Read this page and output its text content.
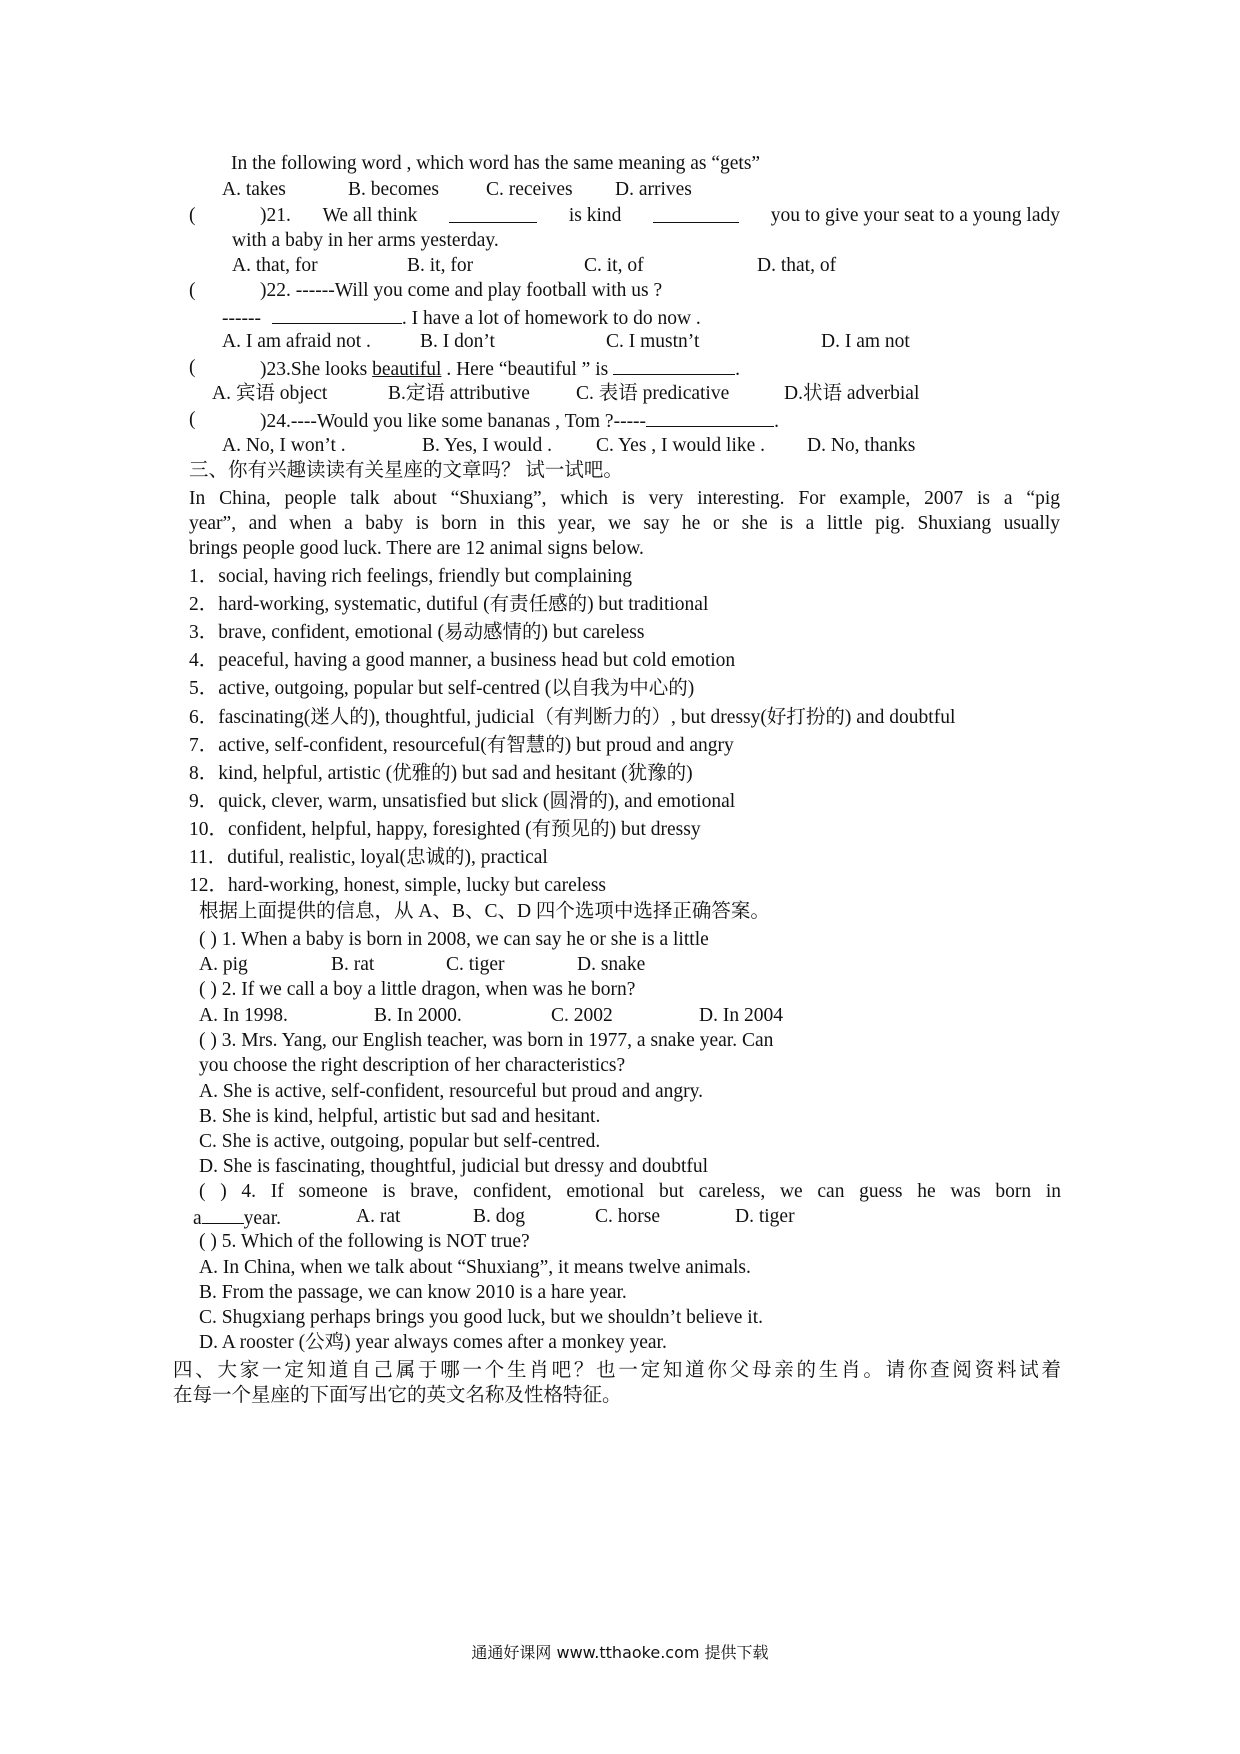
In the following word , which word has the same meaning as “gets”
A. takes	B. becomes C. receives D. arrives
(	)21. We all think	is kind	you to give your seat to a young lady
with a baby in her arms yesterday.
A. that, for	B. it, for	C. it, of	D. that, of
(	)22. ------Will you come and play football with us ?
------	. I have a lot of homework to do now .
A. I am afraid not .	B. I don’t	C. I mustn’t	D. I am not
(	)23.She looks beautiful . Here “beautiful ” is	.
A. 宾语 object	B.定语 attributive C. 表语 predicative	D.状语 adverbial
(	)24.----Would you like some bananas , Tom ?-----	.
A. No, I won’t .	B. Yes, I would . C. Yes , I would like . D. No, thanks
三、你有兴趣读读有关星座的文章吗？ 试一试吧。
In China, people talk about “Shuxiang”, which is very interesting. For example, 2007 is a “pig
year”, and when a baby is born in this year, we say he or she is a little pig. Shuxiang usually
brings people good luck. There are 12 animal signs below.
1．social, having rich feelings, friendly but complaining
2．hard-working, systematic, dutiful (有责任感的) but traditional
3．brave, confident, emotional (易动感情的) but careless
4．peaceful, having a good manner, a business head but cold emotion
5．active, outgoing, popular but self-centred (以自我为中心的)
6．fascinating(迷人的), thoughtful, judicial（有判断力的）, but dressy(好打扮的) and doubtful
7．active, self-confident, resourceful(有智慧的) but proud and angry
8．kind, helpful, artistic (优雅的) but sad and hesitant (犹豫的)
9．quick, clever, warm, unsatisfied but slick (圆滑的), and emotional
10．confident, helpful, happy, foresighted (有预见的) but dressy
11．dutiful, realistic, loyal(忠诚的), practical
12．hard-working, honest, simple, lucky but careless
根据上面提供的信息，从 A、B、C、D 四个选项中选择正确答案。
( ) 1. When a baby is born in 2008, we can say he or she is a little
A. pig	B. rat	C. tiger	D. snake
( ) 2. If we call a boy a little dragon, when was he born?
A. In 1998.	B. In 2000.	C. 2002	D. In 2004
( ) 3. Mrs. Yang, our English teacher, was born in 1977, a snake year. Can
you choose the right description of her characteristics?
A. She is active, self-confident, resourceful but proud and angry.
B. She is kind, helpful, artistic but sad and hesitant.
C. She is active, outgoing, popular but self-centred.
D. She is fascinating, thoughtful, judicial but dressy and doubtful
( ) 4. If someone is brave, confident, emotional but careless, we can guess he was born in
a year.	A. rat	B. dog	C. horse	D. tiger
( ) 5. Which of the following is NOT true?
A. In China, when we talk about “Shuxiang”, it means twelve animals.
B. From the passage, we can know 2010 is a hare year.
C. Shugxiang perhaps brings you good luck, but we shouldn’t believe it.
D. A rooster (公鸡) year always comes after a monkey year.
四、大家一定知道自己属于哪一个生肖吧？也一定知道你父母亲的生肖。请你查阅资料试着
在每一个星座的下面写出它的英文名称及性格特征。
通通好课网 www.tthaoke.com 提供下载
